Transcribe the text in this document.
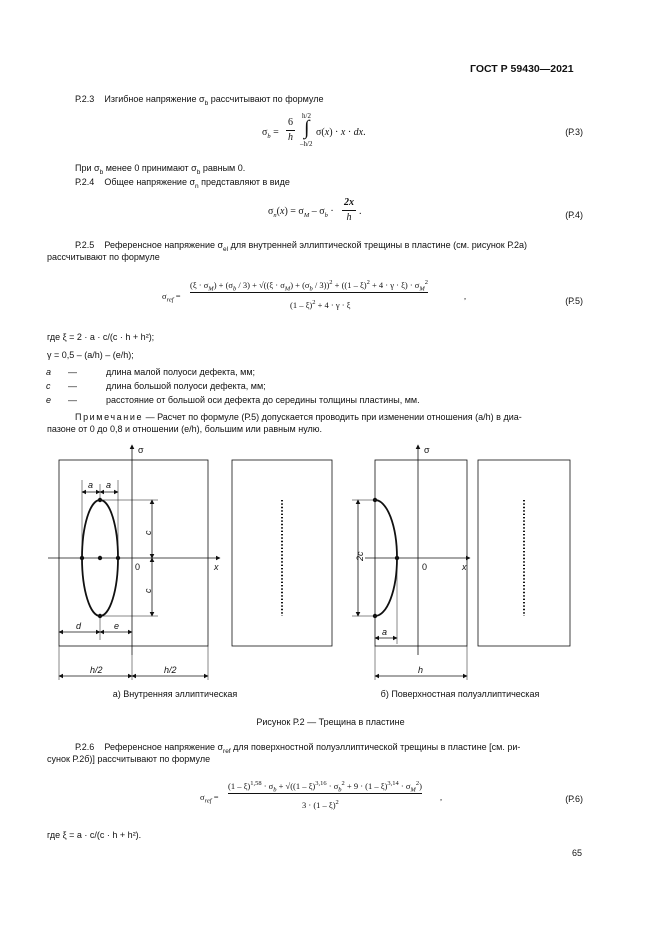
ГОСТ Р 59430—2021
Р.2.3 Изгибное напряжение $\sigma_b$ рассчитывают по формуле
$\sigma_b = \frac{6}{h} h/2$
∫
–h/2
σ(x) · x · dx.	(Р.3)
При $\sigma_b$ менее 0 принимают $\sigma_b$ равным 0.
Р.2.4 Общее напряжение $\sigma_n$ представляют в виде
$\sigma_n(x) = \sigma_M - \sigma_b \cdot \frac{2x}{h}$ .	(Р.4)
Р.2.5 Референсное напряжение $\sigma_{el}$ для внутренней эллиптической трещины в пластине (см. рисунок Р.2а)
рассчитывают по формуле
$\sigma_{ref}$ =
$(\xi \cdot \sigma_M) + (\sigma_b / 3) + √((\xi \cdot \sigma_M) + (\sigma_b / 3))^2 + ((1 - \xi)^2 + 4 \cdot \gamma \cdot \xi) \cdot \sigma_M^2$
(1 – ξ)$^2$ + 4 · γ · ξ
,	(Р.5)
где ξ = 2 · a · c/(c · h + h²);
γ = 0,5 – (a/h) – (e/h);
a —	длина малой полуоси дефекта, мм;
c —	длина большой полуоси дефекта, мм;
e —	расстояние от большой оси дефекта до середины толщины пластины, мм.
Примечание — Расчет по формуле (Р.5) допускается проводить при изменении отношения (a/h) в диа-
пазоне от 0 до 0,8 и отношении (e/h), большим или равным нулю.
σ
x
0
a a
c
c
d	e
h/2	h/2
σ
x
0
2c
a
h
а) Внутренняя эллиптическая	б) Поверхностная полуэллиптическая
Рисунок Р.2 — Трещина в пластине
Р.2.6 Референсное напряжение $\sigma_{ref}$ для поверхностной полуэллиптической трещины в пластине [см. ри-
сунок Р.2б)] рассчитывают по формуле
$\sigma_{ref}$ =
$(1 - \xi)^{1,58} \cdot \sigma_b + √((1 - \xi)^{3,16} \cdot \sigma_b^2 + 9 \cdot (1 - \xi)^{3,14} \cdot \sigma_M^2)$
3 · (1 – ξ)$^2$
,	(Р.6)
где ξ = a · c/(c · h + h²).
65
